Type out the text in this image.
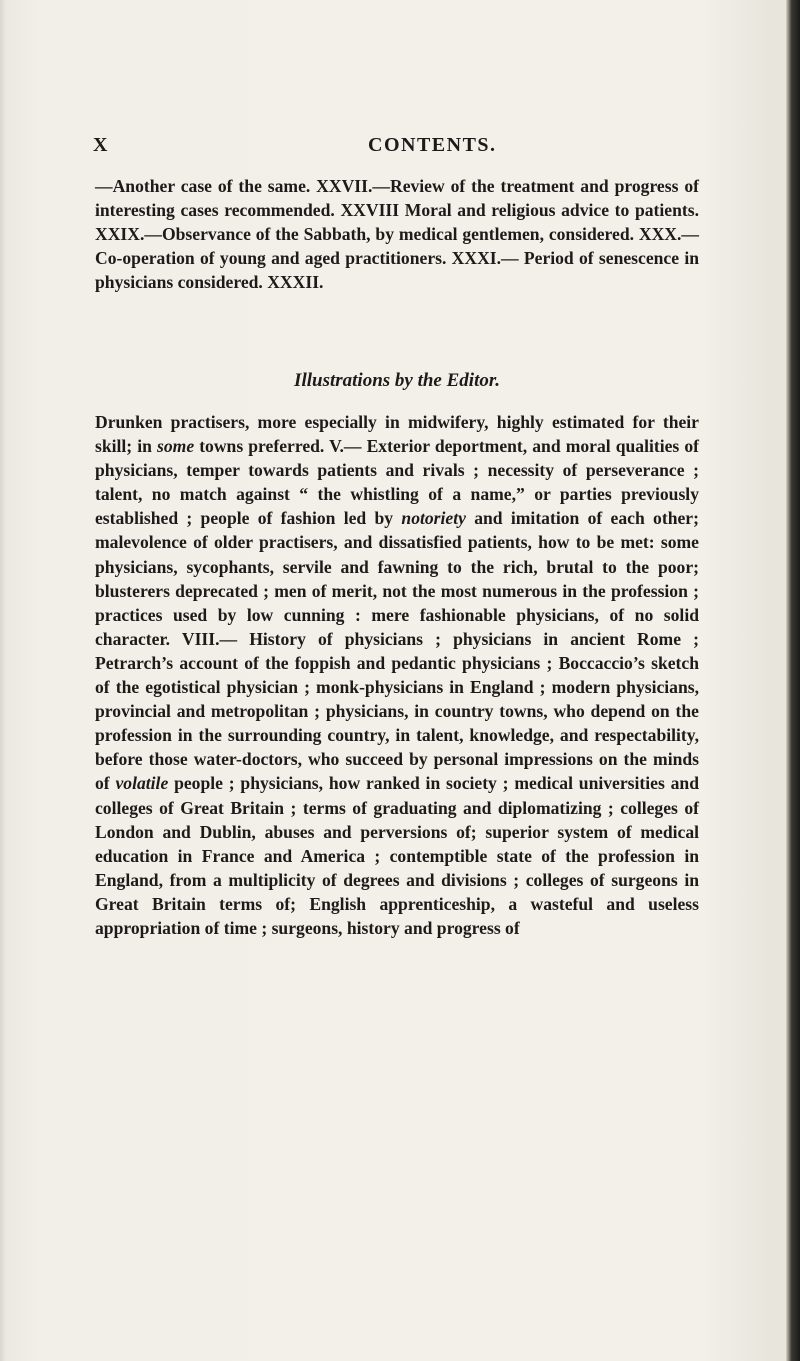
X	CONTENTS.

—Another case of the same. XXVII.—Review of the treatment and progress of interesting cases recommended. XXVIII Moral and religious advice to patients. XXIX.—Observance of the Sabbath, by medical gentlemen, considered. XXX.— Co-operation of young and aged practitioners. XXXI.— Period of senescence in physicians considered. XXXII.

Illustrations by the Editor.

Drunken practisers, more especially in midwifery, highly estimated for their skill; in some towns preferred. V.— Exterior deportment, and moral qualities of physicians, temper towards patients and rivals ; necessity of perseverance ; talent, no match against “ the whistling of a name,” or parties previously established ; people of fashion led by notoriety and imitation of each other; malevolence of older practisers, and dissatisfied patients, how to be met: some physicians, sycophants, servile and fawning to the rich, brutal to the poor; blusterers deprecated ; men of merit, not the most numerous in the profession ; practices used by low cunning : mere fashionable physicians, of no solid character. VIII.— History of physicians ; physicians in ancient Rome ; Petrarch’s account of the foppish and pedantic physicians ; Boccaccio’s sketch of the egotistical physician ; monk-physicians in England ; modern physicians, provincial and metropolitan ; physicians, in country towns, who depend on the profession in the surrounding country, in talent, knowledge, and respectability, before those water-doctors, who succeed by personal impressions on the minds of volatile people ; physicians, how ranked in society ; medical universities and colleges of Great Britain ; terms of graduating and diplomatizing ; colleges of London and Dublin, abuses and perversions of; superior system of medical education in France and America ; contemptible state of the profession in England, from a multiplicity of degrees and divisions ; colleges of surgeons in Great Britain terms of; English apprenticeship, a wasteful and useless appropriation of time ; surgeons, history and progress of
